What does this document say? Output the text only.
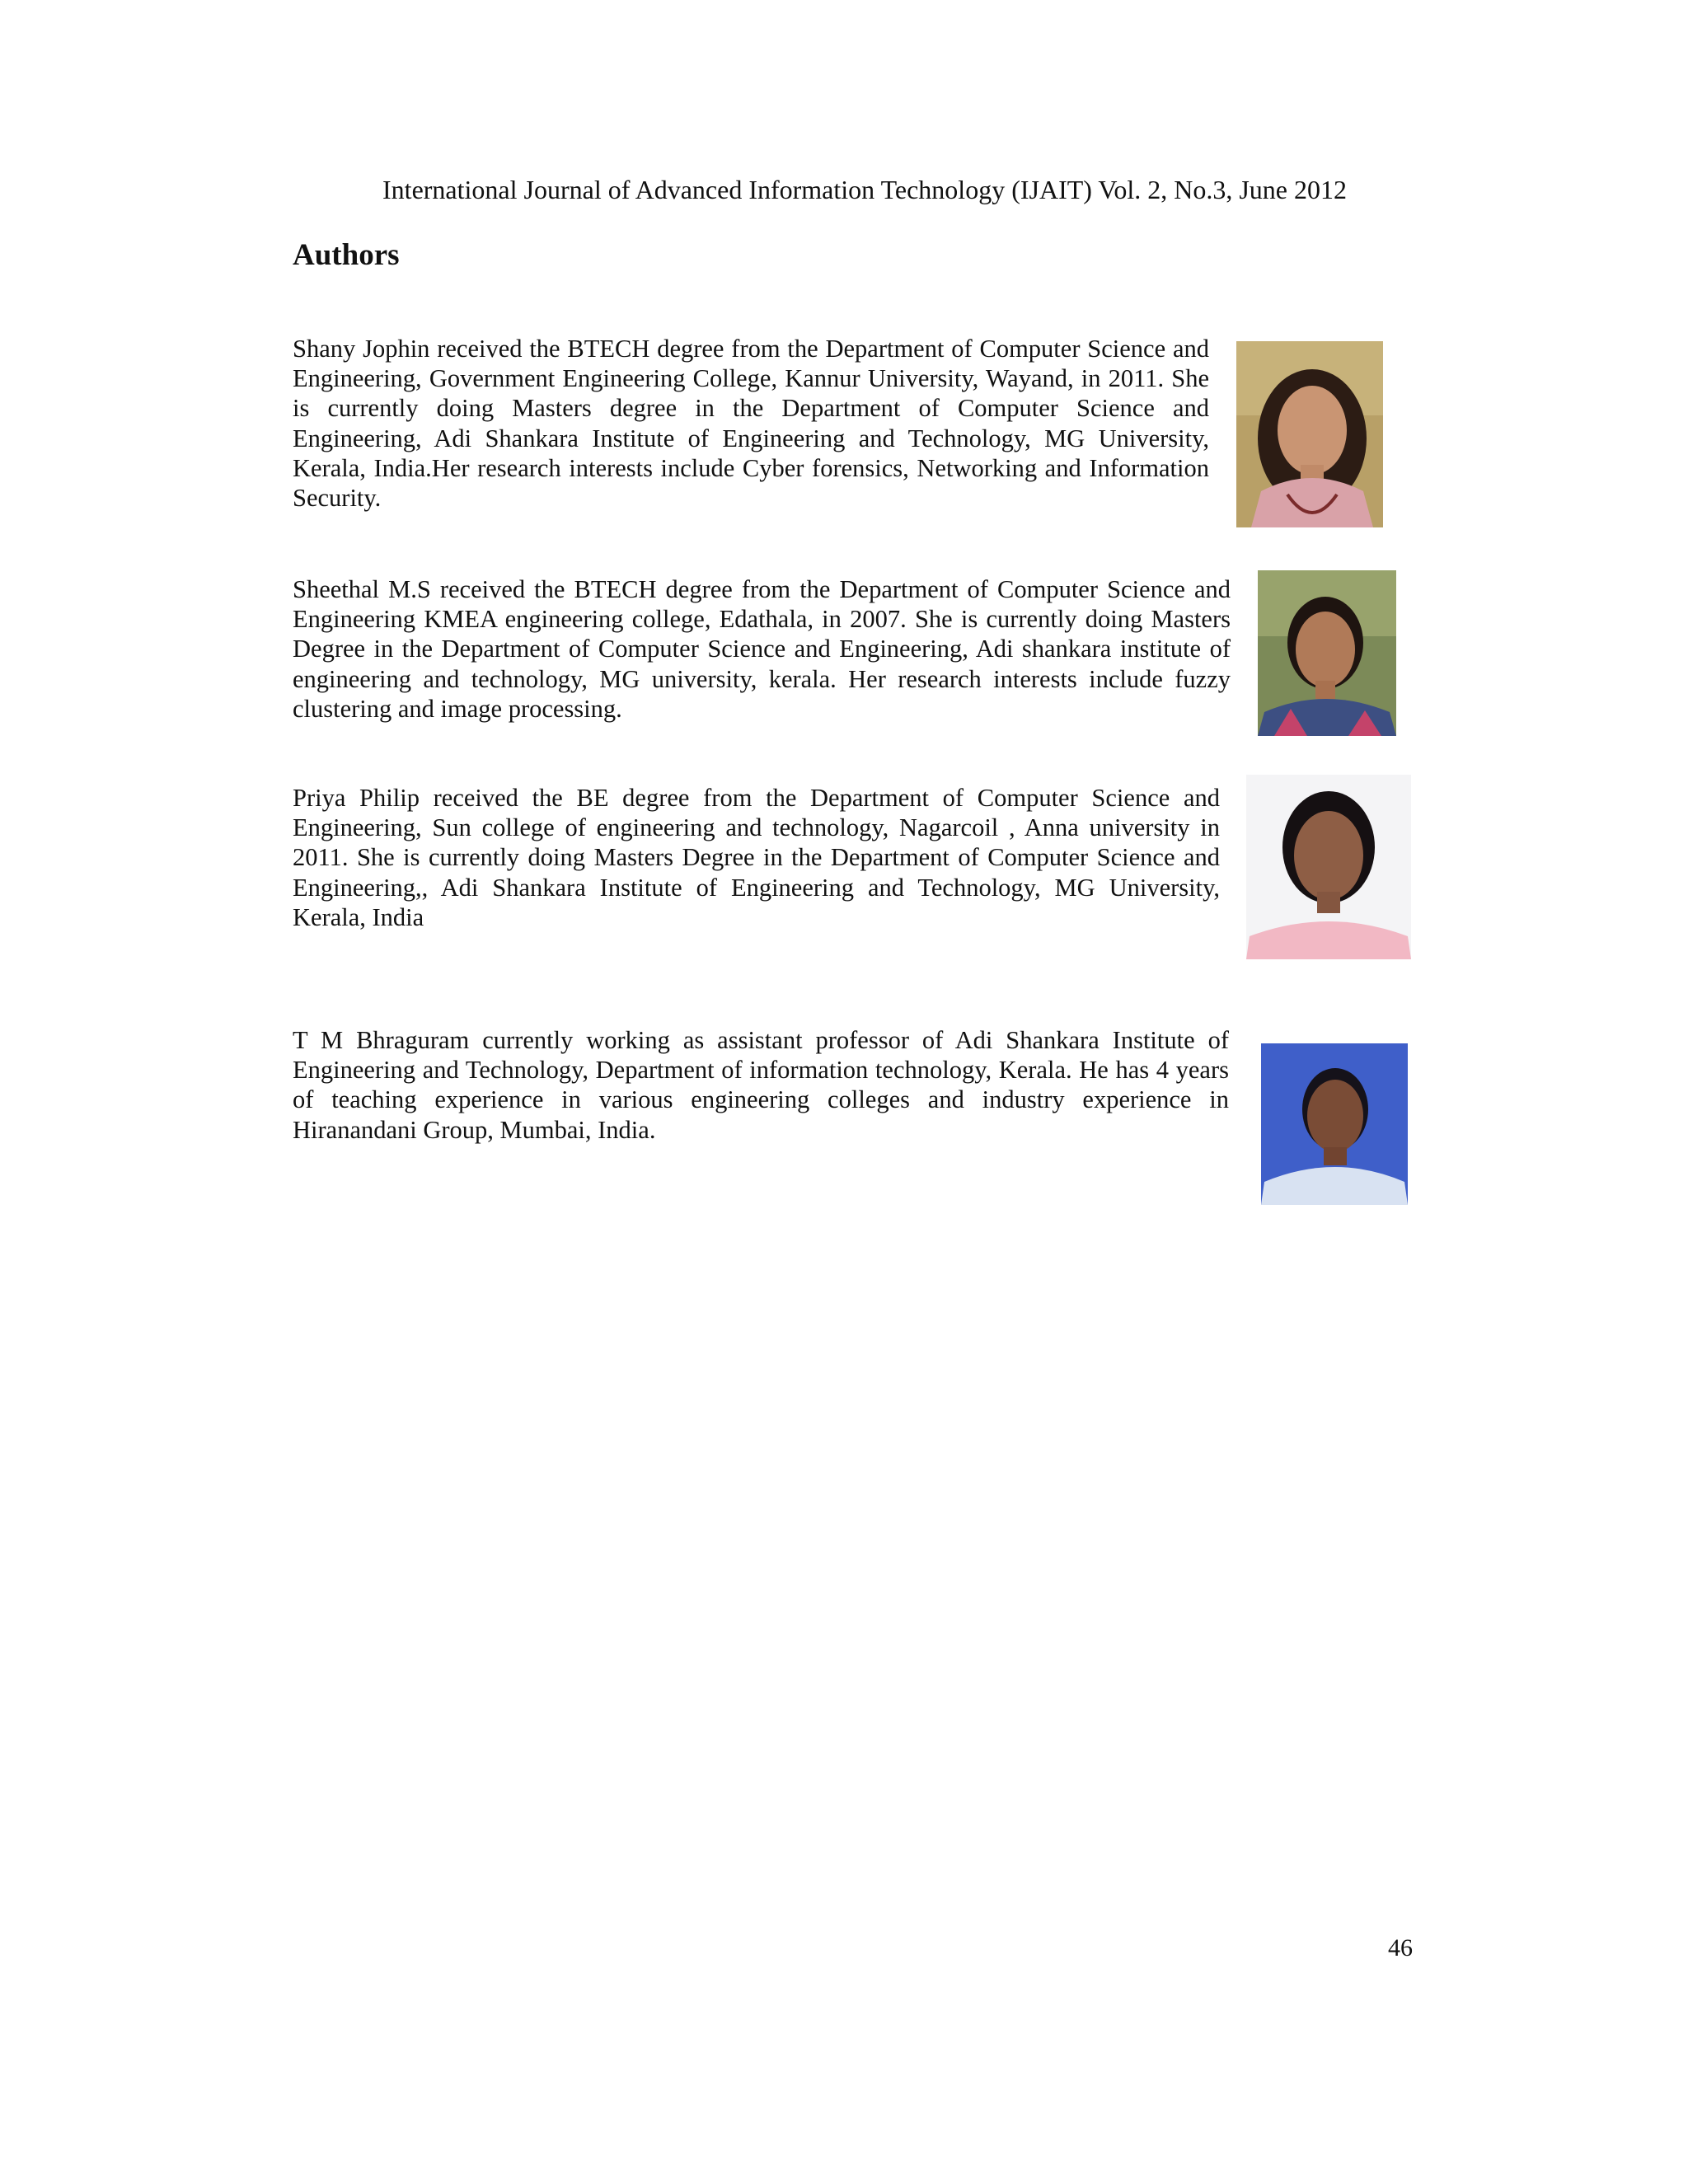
International Journal of Advanced Information Technology (IJAIT) Vol. 2, No.3, June 2012
Authors

Shany Jophin received the BTECH degree from the Department of Computer Science and Engineering, Government Engineering College, Kannur University, Wayand, in 2011. She is currently doing Masters degree in the Department of Computer Science and Engineering, Adi Shankara Institute of Engineering and Technology, MG University, Kerala, India.Her research interests include Cyber forensics, Networking and Information Security.

Sheethal M.S received the BTECH degree from the Department of Computer Science and Engineering KMEA engineering college, Edathala, in 2007. She is currently doing Masters Degree in the Department of Computer Science and Engineering, Adi shankara institute of engineering and technology, MG university, kerala. Her research interests include fuzzy clustering and image processing.

Priya Philip received the BE degree from the Department of Computer Science and Engineering, Sun college of engineering and technology, Nagarcoil , Anna university in 2011. She is currently doing Masters Degree in the Department of Computer Science and Engineering,, Adi Shankara Institute of Engineering and Technology, MG University, Kerala, India

T M Bhraguram currently working as assistant professor of Adi Shankara Institute of Engineering and Technology, Department of information technology, Kerala. He has 4 years of teaching experience in various engineering colleges and industry experience in Hiranandani Group, Mumbai, India.

46
